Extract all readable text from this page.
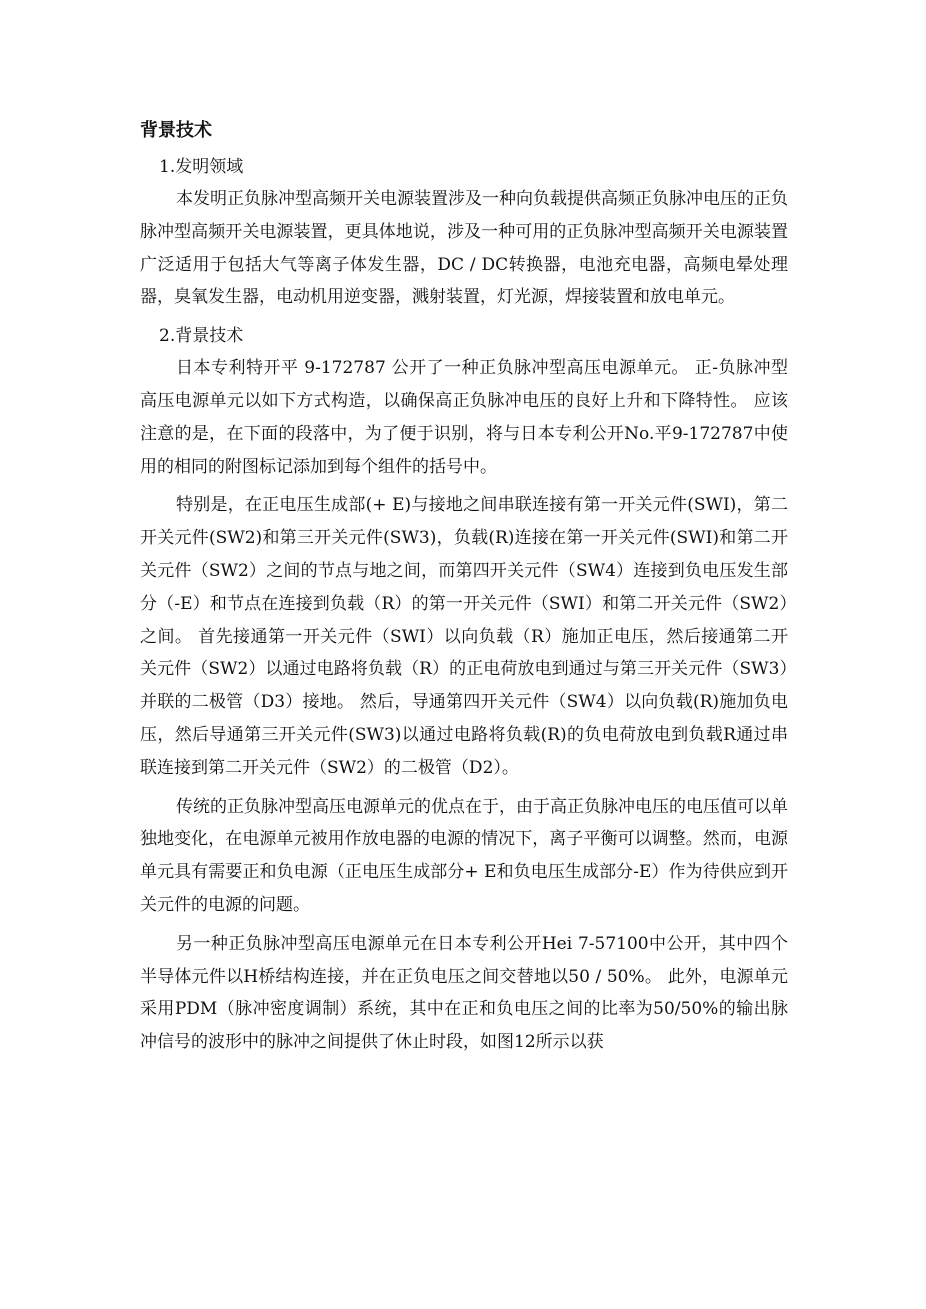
背景技术
1.发明领域

本发明正负脉冲型高频开关电源装置涉及一种向负载提供高频正负脉冲电压的正负脉冲型高频开关电源装置，更具体地说，涉及一种可用的正负脉冲型高频开关电源装置广泛适用于包括大气等离子体发生器，DC / DC转换器，电池充电器，高频电晕处理器，臭氧发生器，电动机用逆变器，溅射装置，灯光源，焊接装置和放电单元。

2.背景技术

日本专利特开平 9-172787 公开了一种正负脉冲型高压电源单元。 正-负脉冲型高压电源单元以如下方式构造，以确保高正负脉冲电压的良好上升和下降特性。 应该注意的是，在下面的段落中，为了便于识别，将与日本专利公开No.平9-172787中使用的相同的附图标记添加到每个组件的括号中。

特别是，在正电压生成部(+ E)与接地之间串联连接有第一开关元件(SWI)，第二开关元件(SW2)和第三开关元件(SW3)，负载(R)连接在第一开关元件(SWI)和第二开关元件（SW2）之间的节点与地之间，而第四开关元件（SW4）连接到负电压发生部分（-E）和节点在连接到负载（R）的第一开关元件（SWI）和第二开关元件（SW2）之间。 首先接通第一开关元件（SWI）以向负载（R）施加正电压，然后接通第二开关元件（SW2）以通过电路将负载（R）的正电荷放电到通过与第三开关元件（SW3）并联的二极管（D3）接地。 然后，导通第四开关元件（SW4）以向负载(R)施加负电压，然后导通第三开关元件(SW3)以通过电路将负载(R)的负电荷放电到负载R通过串联连接到第二开关元件（SW2）的二极管（D2）。

传统的正负脉冲型高压电源单元的优点在于，由于高正负脉冲电压的电压值可以单独地变化，在电源单元被用作放电器的电源的情况下，离子平衡可以调整。然而，电源单元具有需要正和负电源（正电压生成部分+ E和负电压生成部分-E）作为待供应到开关元件的电源的问题。

另一种正负脉冲型高压电源单元在日本专利公开Hei 7-57100中公开，其中四个半导体元件以H桥结构连接，并在正负电压之间交替地以50 / 50%。 此外，电源单元采用PDM（脉冲密度调制）系统，其中在正和负电压之间的比率为50/50%的输出脉冲信号的波形中的脉冲之间提供了休止时段，如图12所示以获
